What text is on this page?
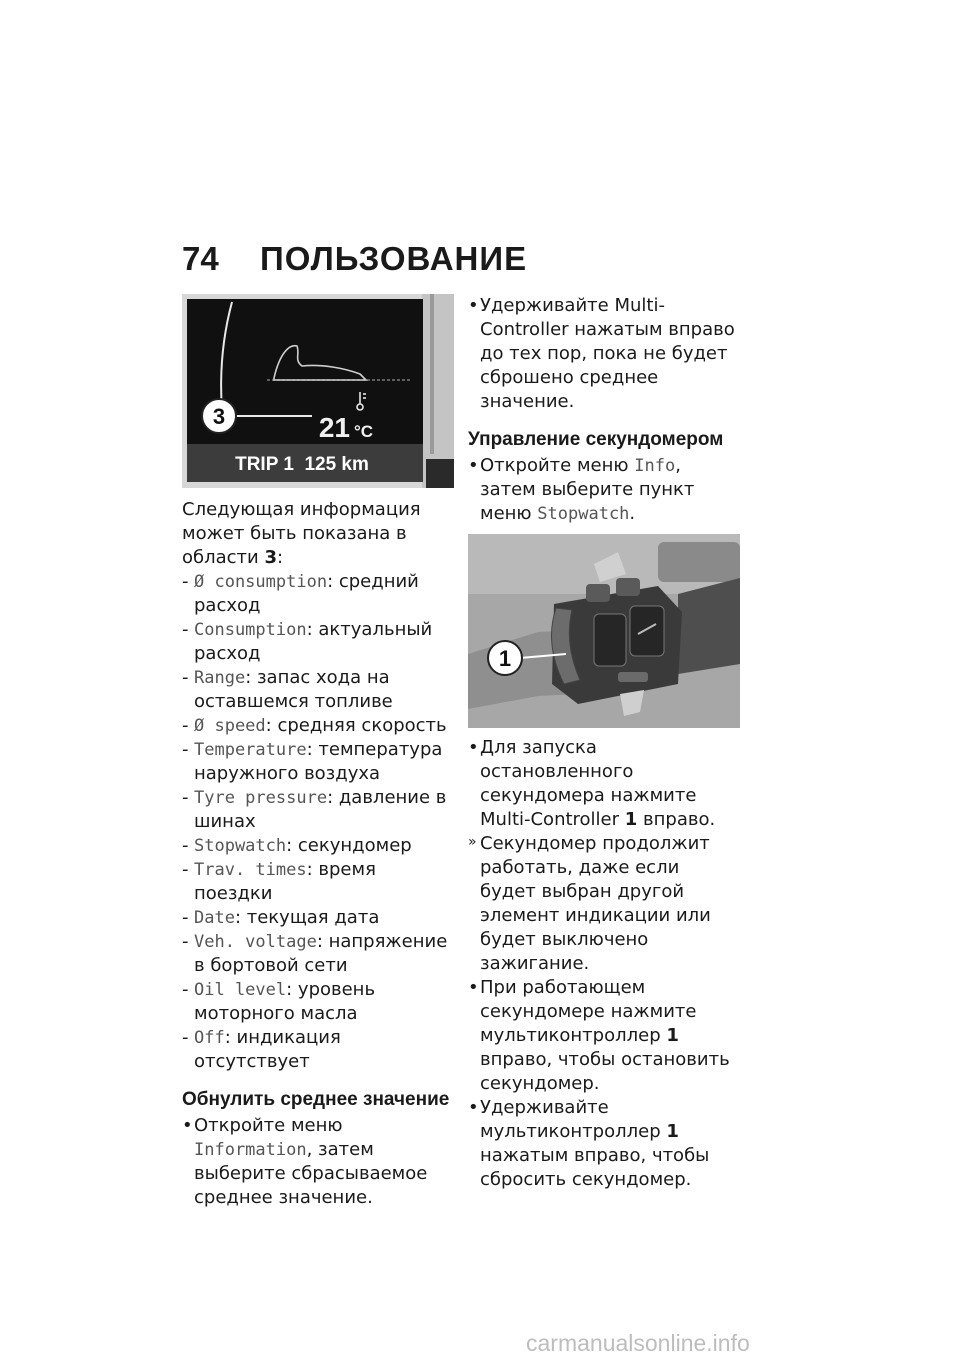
74	ПОЛЬЗОВАНИЕ
3	21 °C
TRIP 1  125 km

Следующая информация может быть показана в области 3:

- Ø consumption: средний расход
- Consumption: актуальный расход
- Range: запас хода на оставшемся топливе
- Ø speed: средняя скорость
- Temperature: температура наружного воздуха
- Tyre pressure: давление в шинах
- Stopwatch: секундомер
- Trav. times: время поездки
- Date: текущая дата
- Veh. voltage: напряжение в бортовой сети
- Oil level: уровень моторного масла
- Off: индикация отсутствует
Обнулить среднее значение
• Откройте меню Information, затем выберите сбрасываемое среднее значение.
• Удерживайте Multi-Controller нажатым вправо до тех пор, пока не будет сброшено среднее значение.
Управление секундомером
• Откройте меню Info, затем выберите пункт меню Stopwatch.
1
• Для запуска остановленного секундомера нажмите Multi-Controller 1 вправо.
» Секундомер продолжит работать, даже если будет выбран другой элемент индикации или будет выключено зажигание.
• При работающем секундомере нажмите мультиконтроллер 1 вправо, чтобы остановить секундомер.
• Удерживайте мультиконтроллер 1 нажатым вправо, чтобы сбросить секундомер.
carmanualsonline.info
